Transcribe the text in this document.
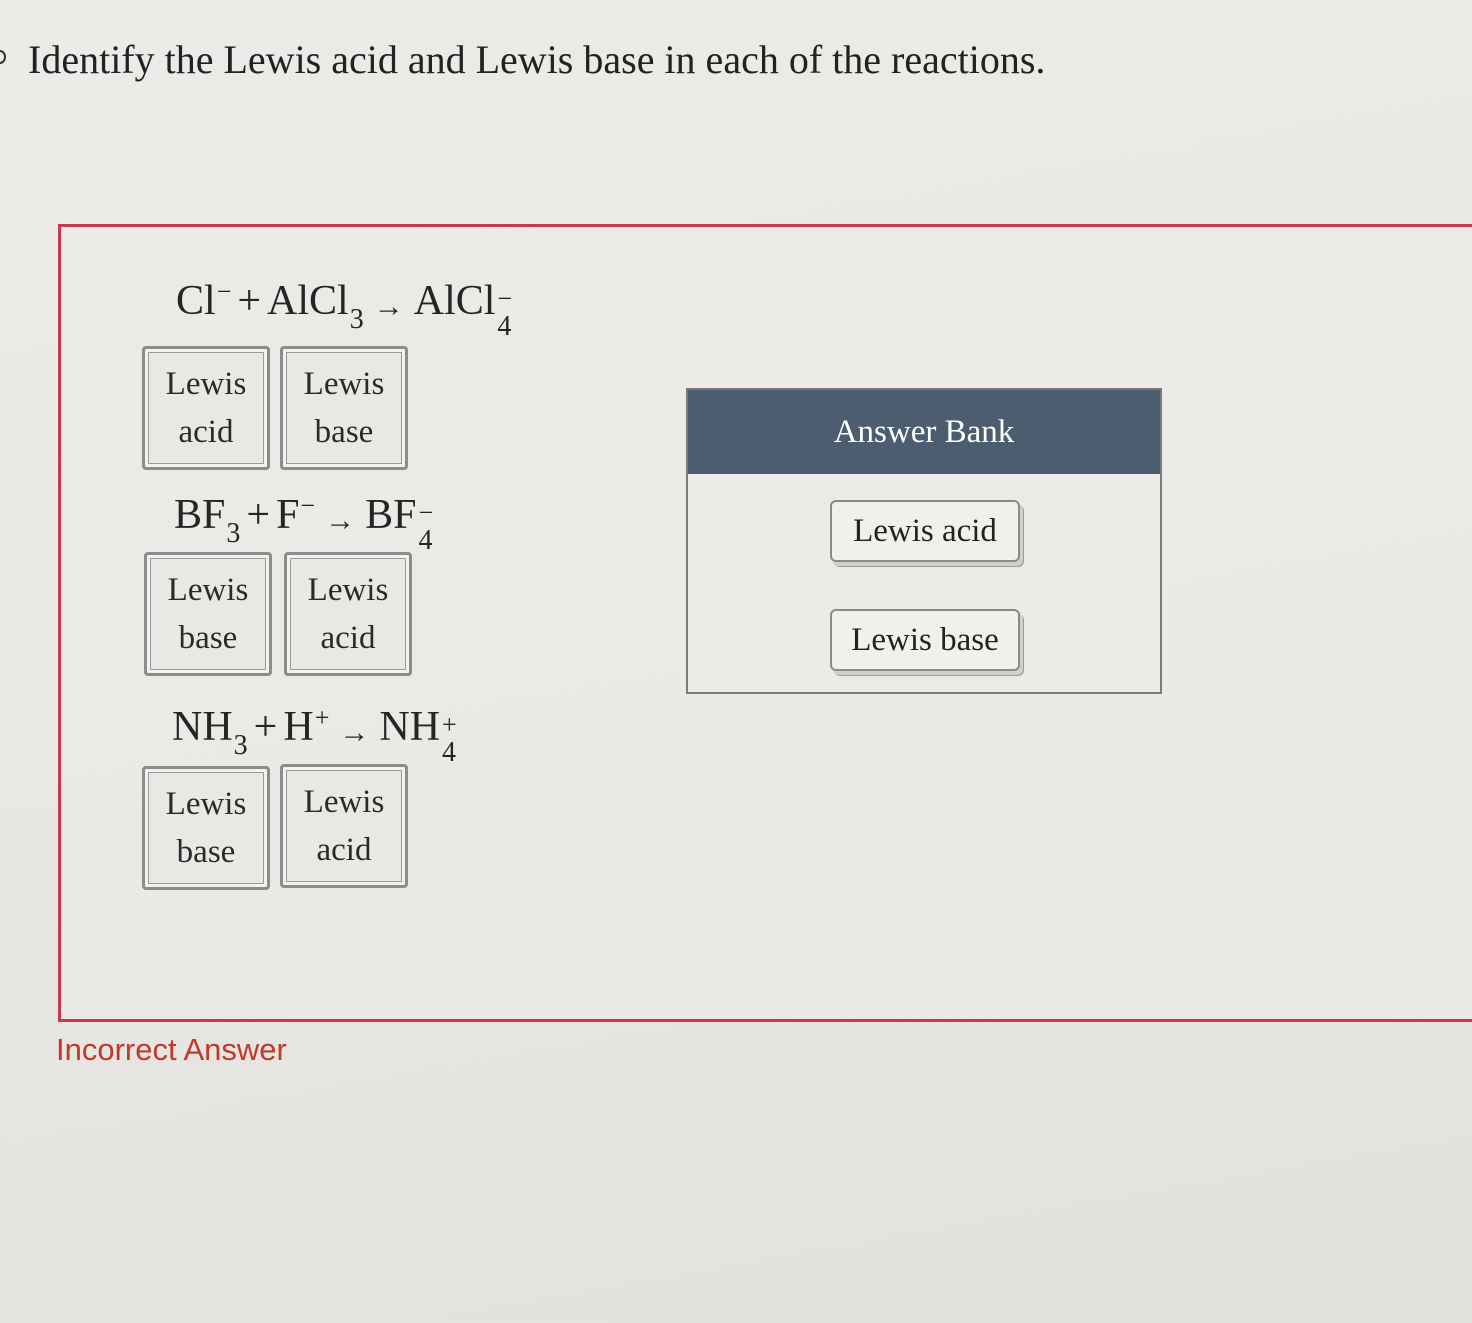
Identify the Lewis acid and Lewis base in each of the reactions.
Cl− + AlCl$_3$ → AlCl −
4
Lewis
acid
Lewis
base
$BF_3 + F^-$ → BF −
4
Lewis
base
Lewis
acid
$NH_3 + H^+$ → NH +
4
Lewis
base
Lewis
acid
Answer Bank
Lewis acid
Lewis base
Incorrect Answer
